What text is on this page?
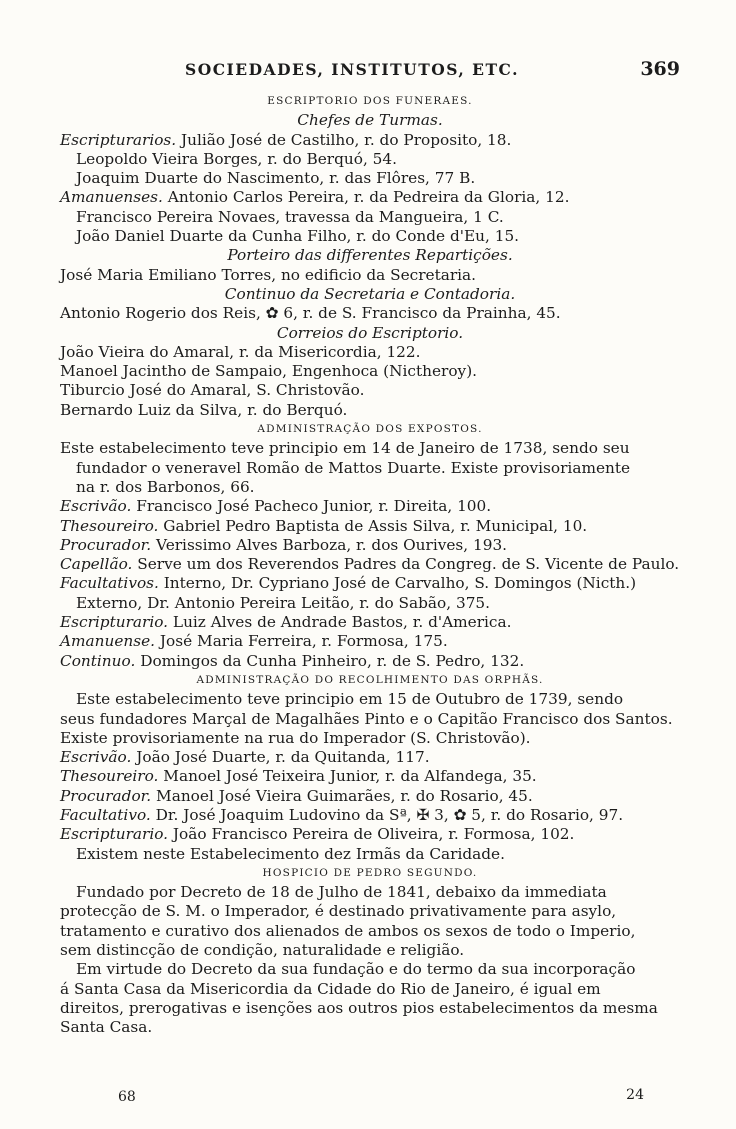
SOCIEDADES, INSTITUTOS, ETC.	369
ESCRIPTORIO DOS FUNERAES.
Chefes de Turmas.
Escripturarios. Julião José de Castilho, r. do Proposito, 18.
Leopoldo Vieira Borges, r. do Berquó, 54.
Joaquim Duarte do Nascimento, r. das Flôres, 77 B.
Amanuenses. Antonio Carlos Pereira, r. da Pedreira da Gloria, 12.
Francisco Pereira Novaes, travessa da Mangueira, 1 C.
João Daniel Duarte da Cunha Filho, r. do Conde d'Eu, 15.
Porteiro das differentes Repartições.
José Maria Emiliano Torres, no edificio da Secretaria.
Continuo da Secretaria e Contadoria.
Antonio Rogerio dos Reis, ✿ 6, r. de S. Francisco da Prainha, 45.
Correios do Escriptorio.
João Vieira do Amaral, r. da Misericordia, 122.
Manoel Jacintho de Sampaio, Engenhoca (Nictheroy).
Tiburcio José do Amaral, S. Christovão.
Bernardo Luiz da Silva, r. do Berquó.
ADMINISTRAÇÃO DOS EXPOSTOS.
Este estabelecimento teve principio em 14 de Janeiro de 1738, sendo seu
fundador o veneravel Romão de Mattos Duarte. Existe provisoriamente
na r. dos Barbonos, 66.
Escrivão. Francisco José Pacheco Junior, r. Direita, 100.
Thesoureiro. Gabriel Pedro Baptista de Assis Silva, r. Municipal, 10.
Procurador. Verissimo Alves Barboza, r. dos Ourives, 193.
Capellão. Serve um dos Reverendos Padres da Congreg. de S. Vicente de Paulo.
Facultativos. Interno, Dr. Cypriano José de Carvalho, S. Domingos (Nicth.)
Externo, Dr. Antonio Pereira Leitão, r. do Sabão, 375.
Escripturario. Luiz Alves de Andrade Bastos, r. d'America.
Amanuense. José Maria Ferreira, r. Formosa, 175.
Continuo. Domingos da Cunha Pinheiro, r. de S. Pedro, 132.
ADMINISTRAÇÃO DO RECOLHIMENTO DAS ORPHÃS.
Este estabelecimento teve principio em 15 de Outubro de 1739, sendo
seus fundadores Marçal de Magalhães Pinto e o Capitão Francisco dos Santos.
Existe provisoriamente na rua do Imperador (S. Christovão).
Escrivão. João José Duarte, r. da Quitanda, 117.
Thesoureiro. Manoel José Teixeira Junior, r. da Alfandega, 35.
Procurador. Manoel José Vieira Guimarães, r. do Rosario, 45.
Facultativo. Dr. José Joaquim Ludovino da Sª, ✠ 3, ✿ 5, r. do Rosario, 97.
Escripturario. João Francisco Pereira de Oliveira, r. Formosa, 102.
Existem neste Estabelecimento dez Irmãs da Caridade.
HOSPICIO DE PEDRO SEGUNDO.
Fundado por Decreto de 18 de Julho de 1841, debaixo da immediata
protecção de S. M. o Imperador, é destinado privativamente para asylo,
tratamento e curativo dos alienados de ambos os sexos de todo o Imperio,
sem distincção de condição, naturalidade e religião.
Em virtude do Decreto da sua fundação e do termo da sua incorporação
á Santa Casa da Misericordia da Cidade do Rio de Janeiro, é igual em
direitos, prerogativas e isenções aos outros pios estabelecimentos da mesma
Santa Casa.
68	24
